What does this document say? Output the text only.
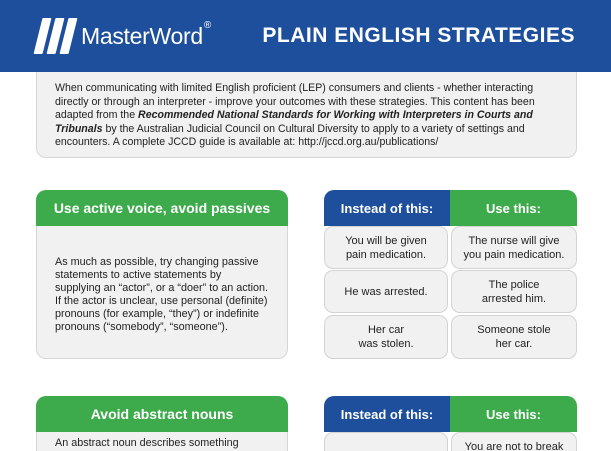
MasterWord® PLAIN ENGLISH STRATEGIES
When communicating with limited English proficient (LEP) consumers and clients - whether interacting directly or through an interpreter - improve your outcomes with these strategies. This content has been adapted from the Recommended National Standards for Working with Interpreters in Courts and Tribunals by the Australian Judicial Council on Cultural Diversity to apply to a variety of settings and encounters. A complete JCCD guide is available at: http://jccd.org.au/publications/
Use active voice, avoid passives
As much as possible, try changing passive statements to active statements by supplying an “actor”, or a “doer” to an action. If the actor is unclear, use personal (definite) pronouns (for example, “they”) or indefinite pronouns (“somebody”, “someone”).
Instead of this:	Use this:
You will be given
pain medication.
The nurse will give
you pain medication.
He was arrested.
The police
arrested him.
Her car
was stolen.
Someone stole
her car.
Avoid abstract nouns
An abstract noun describes something
Instead of this:	Use this:
You are not to break
